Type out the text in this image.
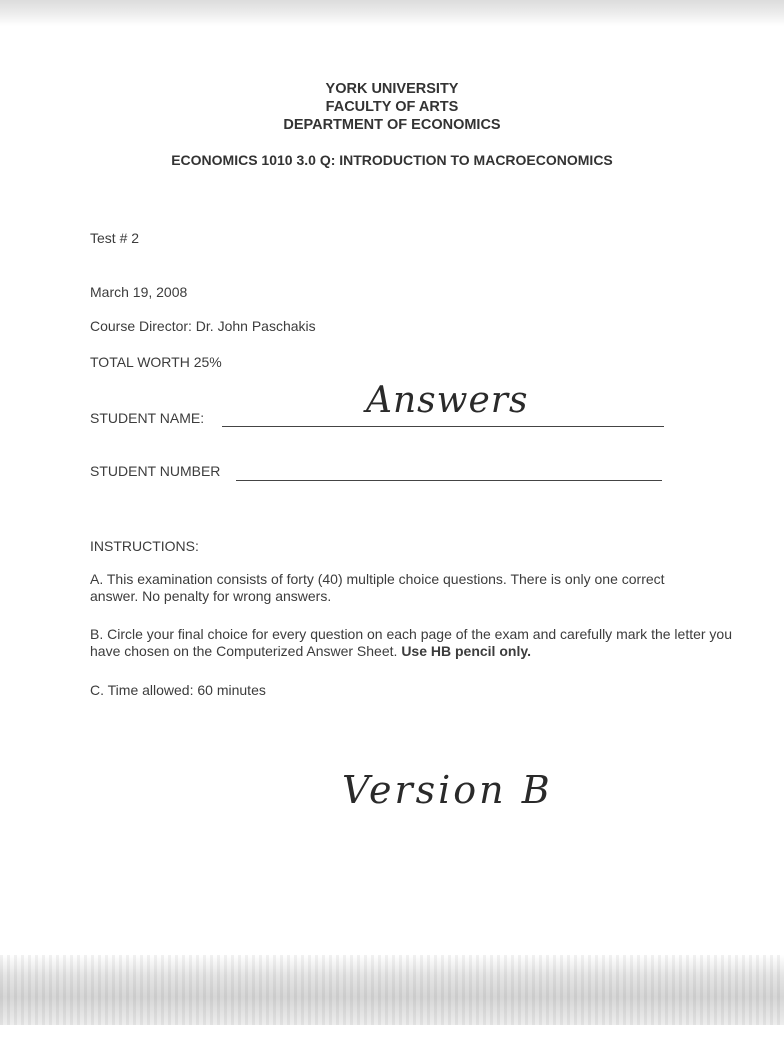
YORK UNIVERSITY
FACULTY OF ARTS
DEPARTMENT OF ECONOMICS
ECONOMICS 1010 3.0 Q: INTRODUCTION TO MACROECONOMICS
Test # 2
March 19, 2008
Course Director: Dr. John Paschakis
TOTAL WORTH 25%
STUDENT NAME:	Answers
STUDENT NUMBER
INSTRUCTIONS:
A. This examination consists of forty (40) multiple choice questions. There is only one correct answer. No penalty for wrong answers.
B. Circle your final choice for every question on each page of the exam and carefully mark the letter you have chosen on the Computerized Answer Sheet. Use HB pencil only.
C. Time allowed: 60 minutes
Version B
